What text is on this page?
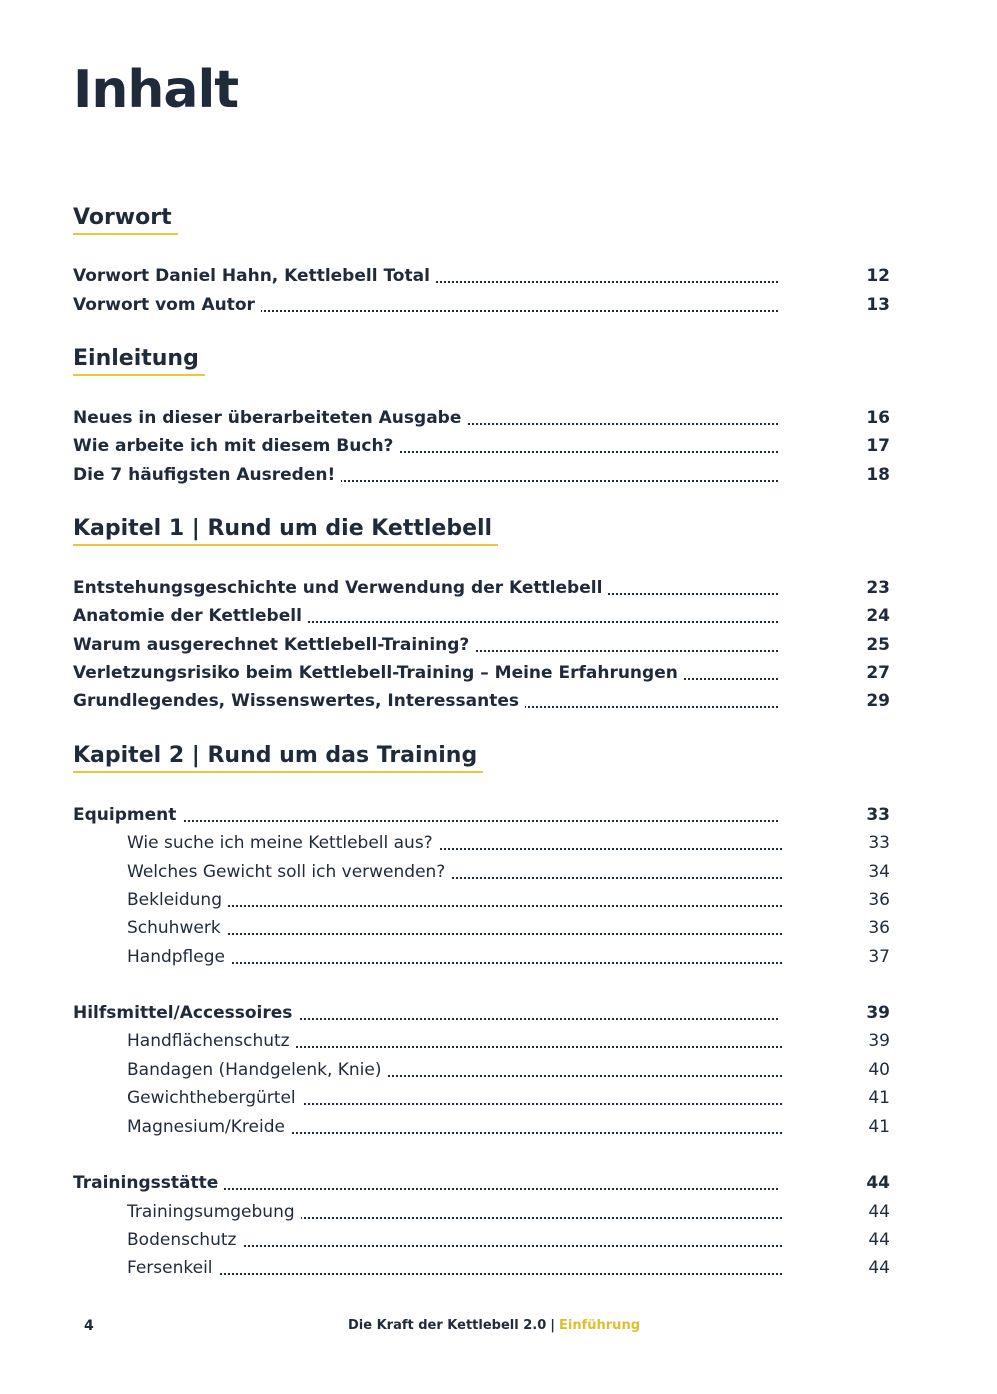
Inhalt
Vorwort
Vorwort Daniel Hahn, Kettlebell Total	12
Vorwort vom Autor	13
Einleitung
Neues in dieser überarbeiteten Ausgabe	16
Wie arbeite ich mit diesem Buch?	17
Die 7 häufigsten Ausreden!	18
Kapitel 1 | Rund um die Kettlebell
Entstehungsgeschichte und Verwendung der Kettlebell	23
Anatomie der Kettlebell	24
Warum ausgerechnet Kettlebell-Training?	25
Verletzungsrisiko beim Kettlebell-Training – Meine Erfahrungen	27
Grundlegendes, Wissenswertes, Interessantes	29
Kapitel 2 | Rund um das Training
Equipment	33
Wie suche ich meine Kettlebell aus?	33
Welches Gewicht soll ich verwenden?	34
Bekleidung	36
Schuhwerk	36
Handpflege	37
Hilfsmittel/Accessoires	39
Handflächenschutz	39
Bandagen (Handgelenk, Knie)	40
Gewichthebergürtel	41
Magnesium/Kreide	41
Trainingsstätte	44
Trainingsumgebung	44
Bodenschutz	44
Fersenkeil	44
4	Die Kraft der Kettlebell 2.0 | Einführung
